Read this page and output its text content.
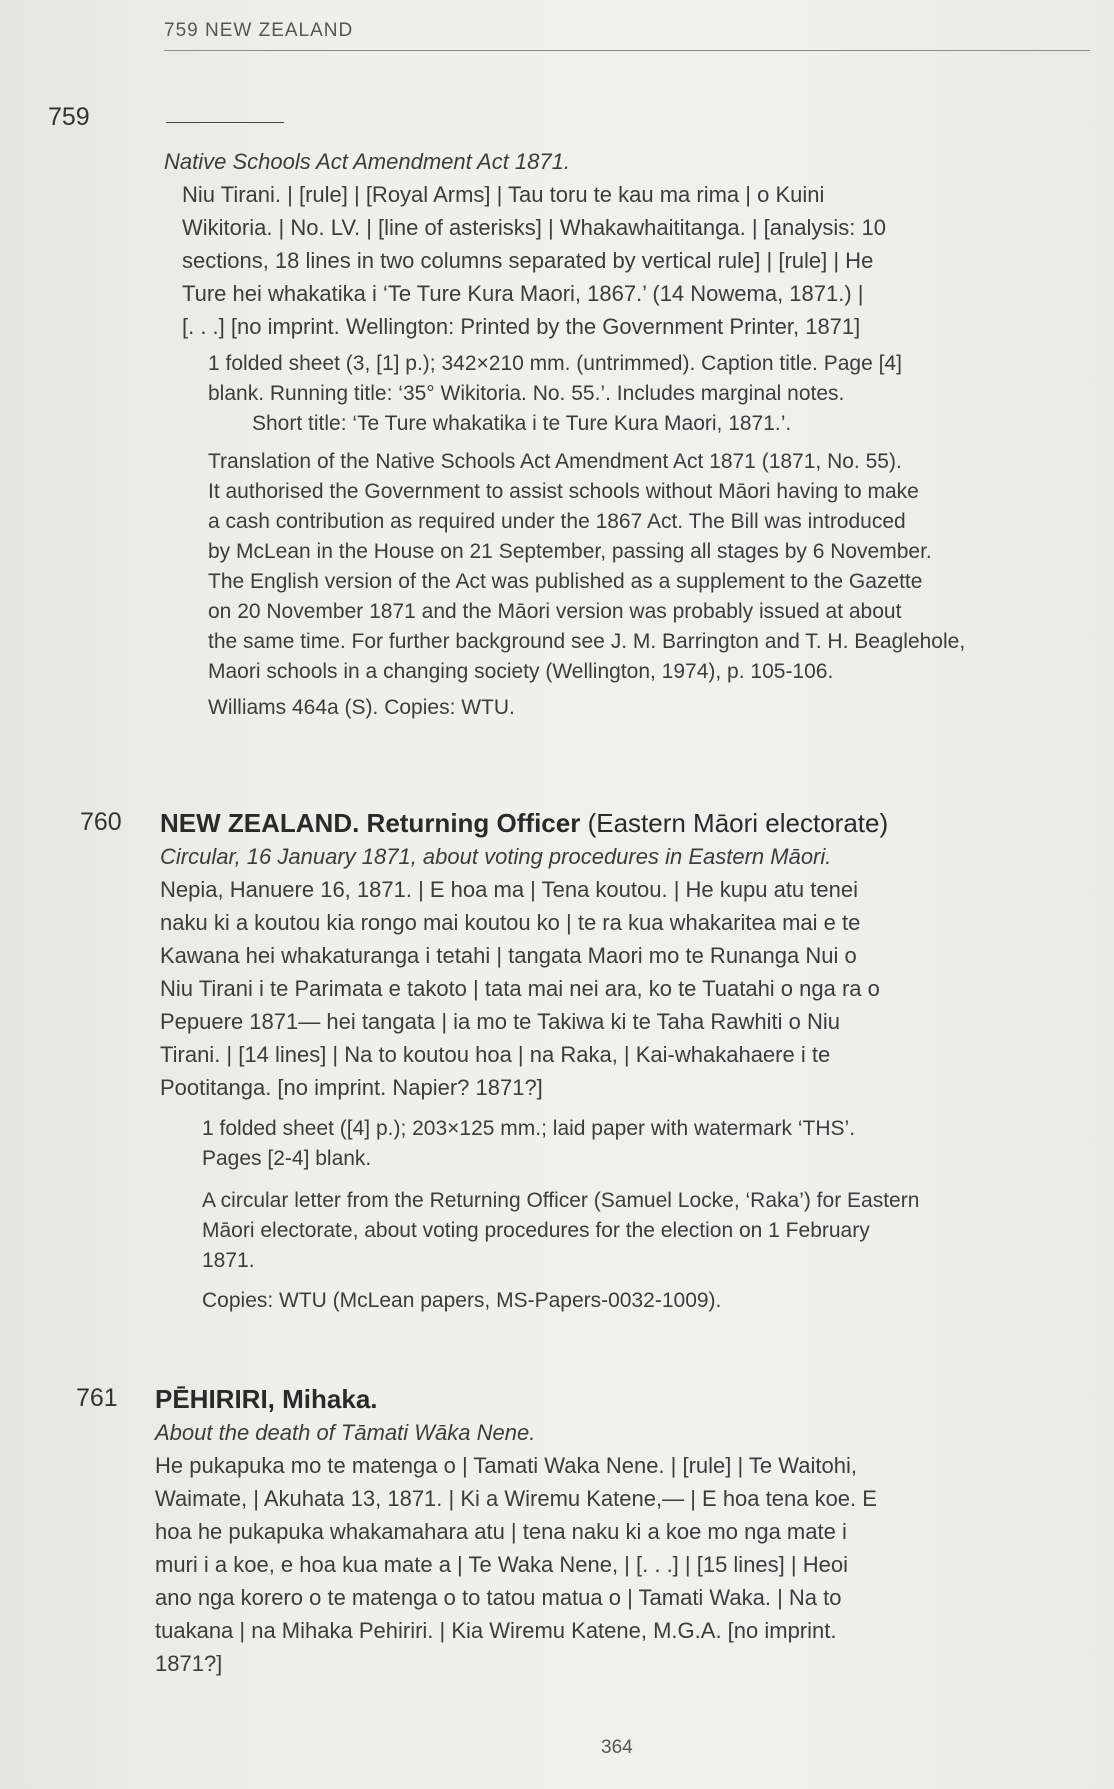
759 NEW ZEALAND
759

Native Schools Act Amendment Act 1871.

Niu Tirani. | [rule] | [Royal Arms] | Tau toru te kau ma rima | o Kuini

Wikitoria. | No. LV. | [line of asterisks] | Whakawhaititanga. | [analysis: 10

sections, 18 lines in two columns separated by vertical rule] | [rule] | He

Ture hei whakatika i ‘Te Ture Kura Maori, 1867.’ (14 Nowema, 1871.) |

[. . .] [no imprint. Wellington: Printed by the Government Printer, 1871]

1 folded sheet (3, [1] p.); 342×210 mm. (untrimmed). Caption title. Page [4]

blank. Running title: ‘35° Wikitoria. No. 55.’. Includes marginal notes.

Short title: ‘Te Ture whakatika i te Ture Kura Maori, 1871.’.

Translation of the Native Schools Act Amendment Act 1871 (1871, No. 55).

It authorised the Government to assist schools without Māori having to make

a cash contribution as required under the 1867 Act. The Bill was introduced

by McLean in the House on 21 September, passing all stages by 6 November.

The English version of the Act was published as a supplement to the Gazette

on 20 November 1871 and the Māori version was probably issued at about

the same time. For further background see J. M. Barrington and T. H. Beaglehole,

Maori schools in a changing society (Wellington, 1974), p. 105-106.

Williams 464a (S). Copies: WTU.

760 NEW ZEALAND. Returning Officer (Eastern Māori electorate)

Circular, 16 January 1871, about voting procedures in Eastern Māori.

Nepia, Hanuere 16, 1871. | E hoa ma | Tena koutou. | He kupu atu tenei

naku ki a koutou kia rongo mai koutou ko | te ra kua whakaritea mai e te

Kawana hei whakaturanga i tetahi | tangata Maori mo te Runanga Nui o

Niu Tirani i te Parimata e takoto | tata mai nei ara, ko te Tuatahi o nga ra o

Pepuere 1871— hei tangata | ia mo te Takiwa ki te Taha Rawhiti o Niu

Tirani. | [14 lines] | Na to koutou hoa | na Raka, | Kai-whakahaere i te

Pootitanga. [no imprint. Napier? 1871?]

1 folded sheet ([4] p.); 203×125 mm.; laid paper with watermark ‘THS’.

Pages [2-4] blank.

A circular letter from the Returning Officer (Samuel Locke, ‘Raka’) for Eastern

Māori electorate, about voting procedures for the election on 1 February

1871.

Copies: WTU (McLean papers, MS-Papers-0032-1009).

761 PĒHIRIRI, Mihaka.

About the death of Tāmati Wāka Nene.

He pukapuka mo te matenga o | Tamati Waka Nene. | [rule] | Te Waitohi,

Waimate, | Akuhata 13, 1871. | Ki a Wiremu Katene,— | E hoa tena koe. E

hoa he pukapuka whakamahara atu | tena naku ki a koe mo nga mate i

muri i a koe, e hoa kua mate a | Te Waka Nene, | [. . .] | [15 lines] | Heoi

ano nga korero o te matenga o to tatou matua o | Tamati Waka. | Na to

tuakana | na Mihaka Pehiriri. | Kia Wiremu Katene, M.G.A. [no imprint.

1871?]

364
